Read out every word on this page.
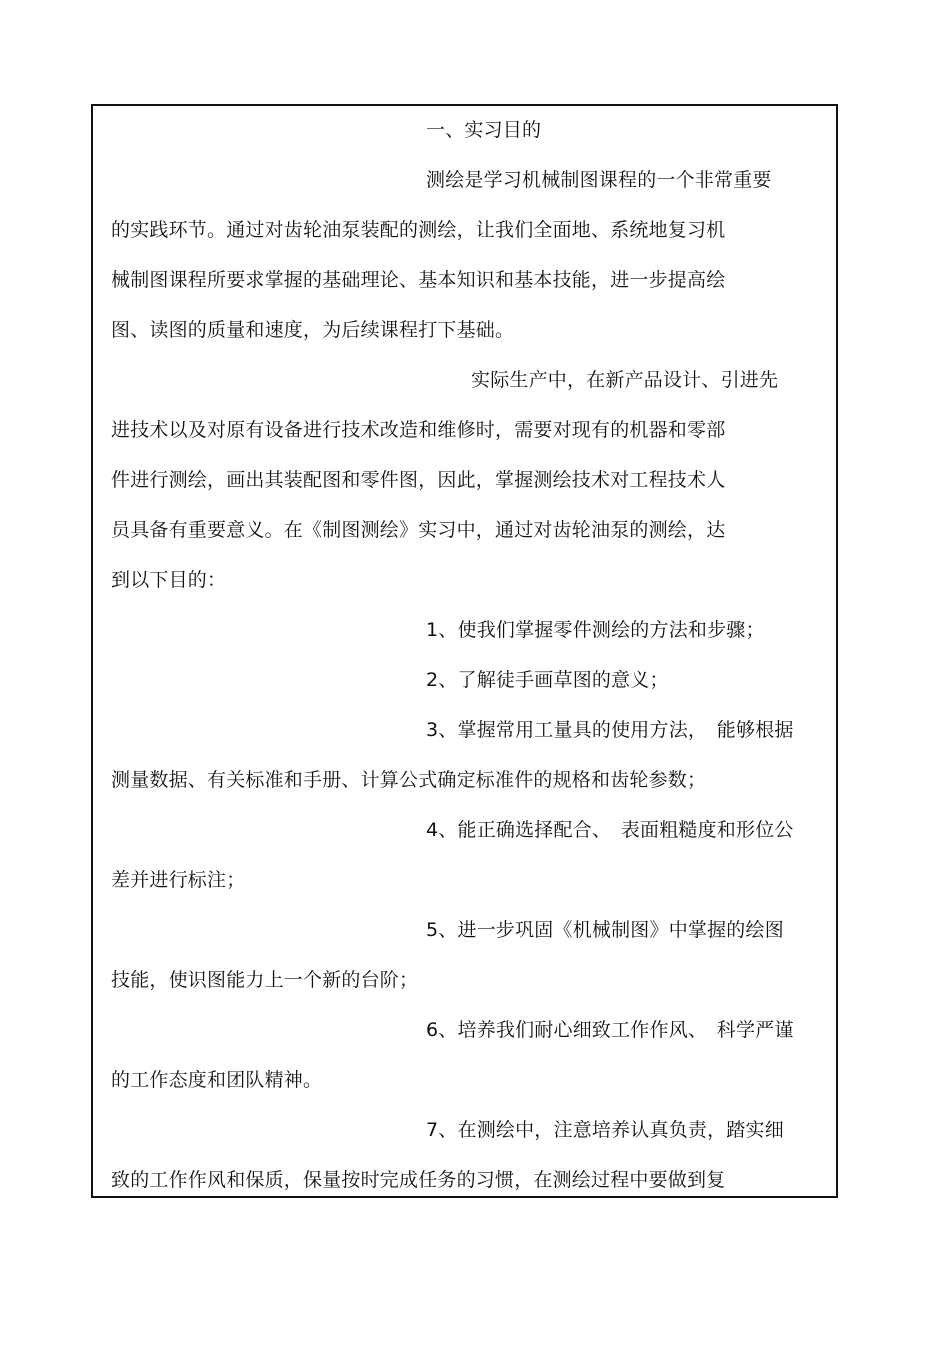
一、实习目的
测绘是学习机械制图课程的一个非常重要
的实践环节。通过对齿轮油泵装配的测绘，让我们全面地、系统地复习机
械制图课程所要求掌握的基础理论、基本知识和基本技能，进一步提高绘
图、读图的质量和速度，为后续课程打下基础。
实际生产中，在新产品设计、引进先
进技术以及对原有设备进行技术改造和维修时，需要对现有的机器和零部
件进行测绘，画出其装配图和零件图，因此，掌握测绘技术对工程技术人
员具备有重要意义。在《制图测绘》实习中，通过对齿轮油泵的测绘，达
到以下目的：
1、使我们掌握零件测绘的方法和步骤；
2、了解徒手画草图的意义；
3、掌握常用工量具的使用方法，　能够根据
测量数据、有关标准和手册、计算公式确定标准件的规格和齿轮参数；
4、能正确选择配合、　表面粗糙度和形位公
差并进行标注；
5、进一步巩固《机械制图》中掌握的绘图
技能，使识图能力上一个新的台阶；
6、培养我们耐心细致工作作风、　科学严谨
的工作态度和团队精神。
7、在测绘中，注意培养认真负责，踏实细
致的工作作风和保质，保量按时完成任务的习惯，在测绘过程中要做到复
